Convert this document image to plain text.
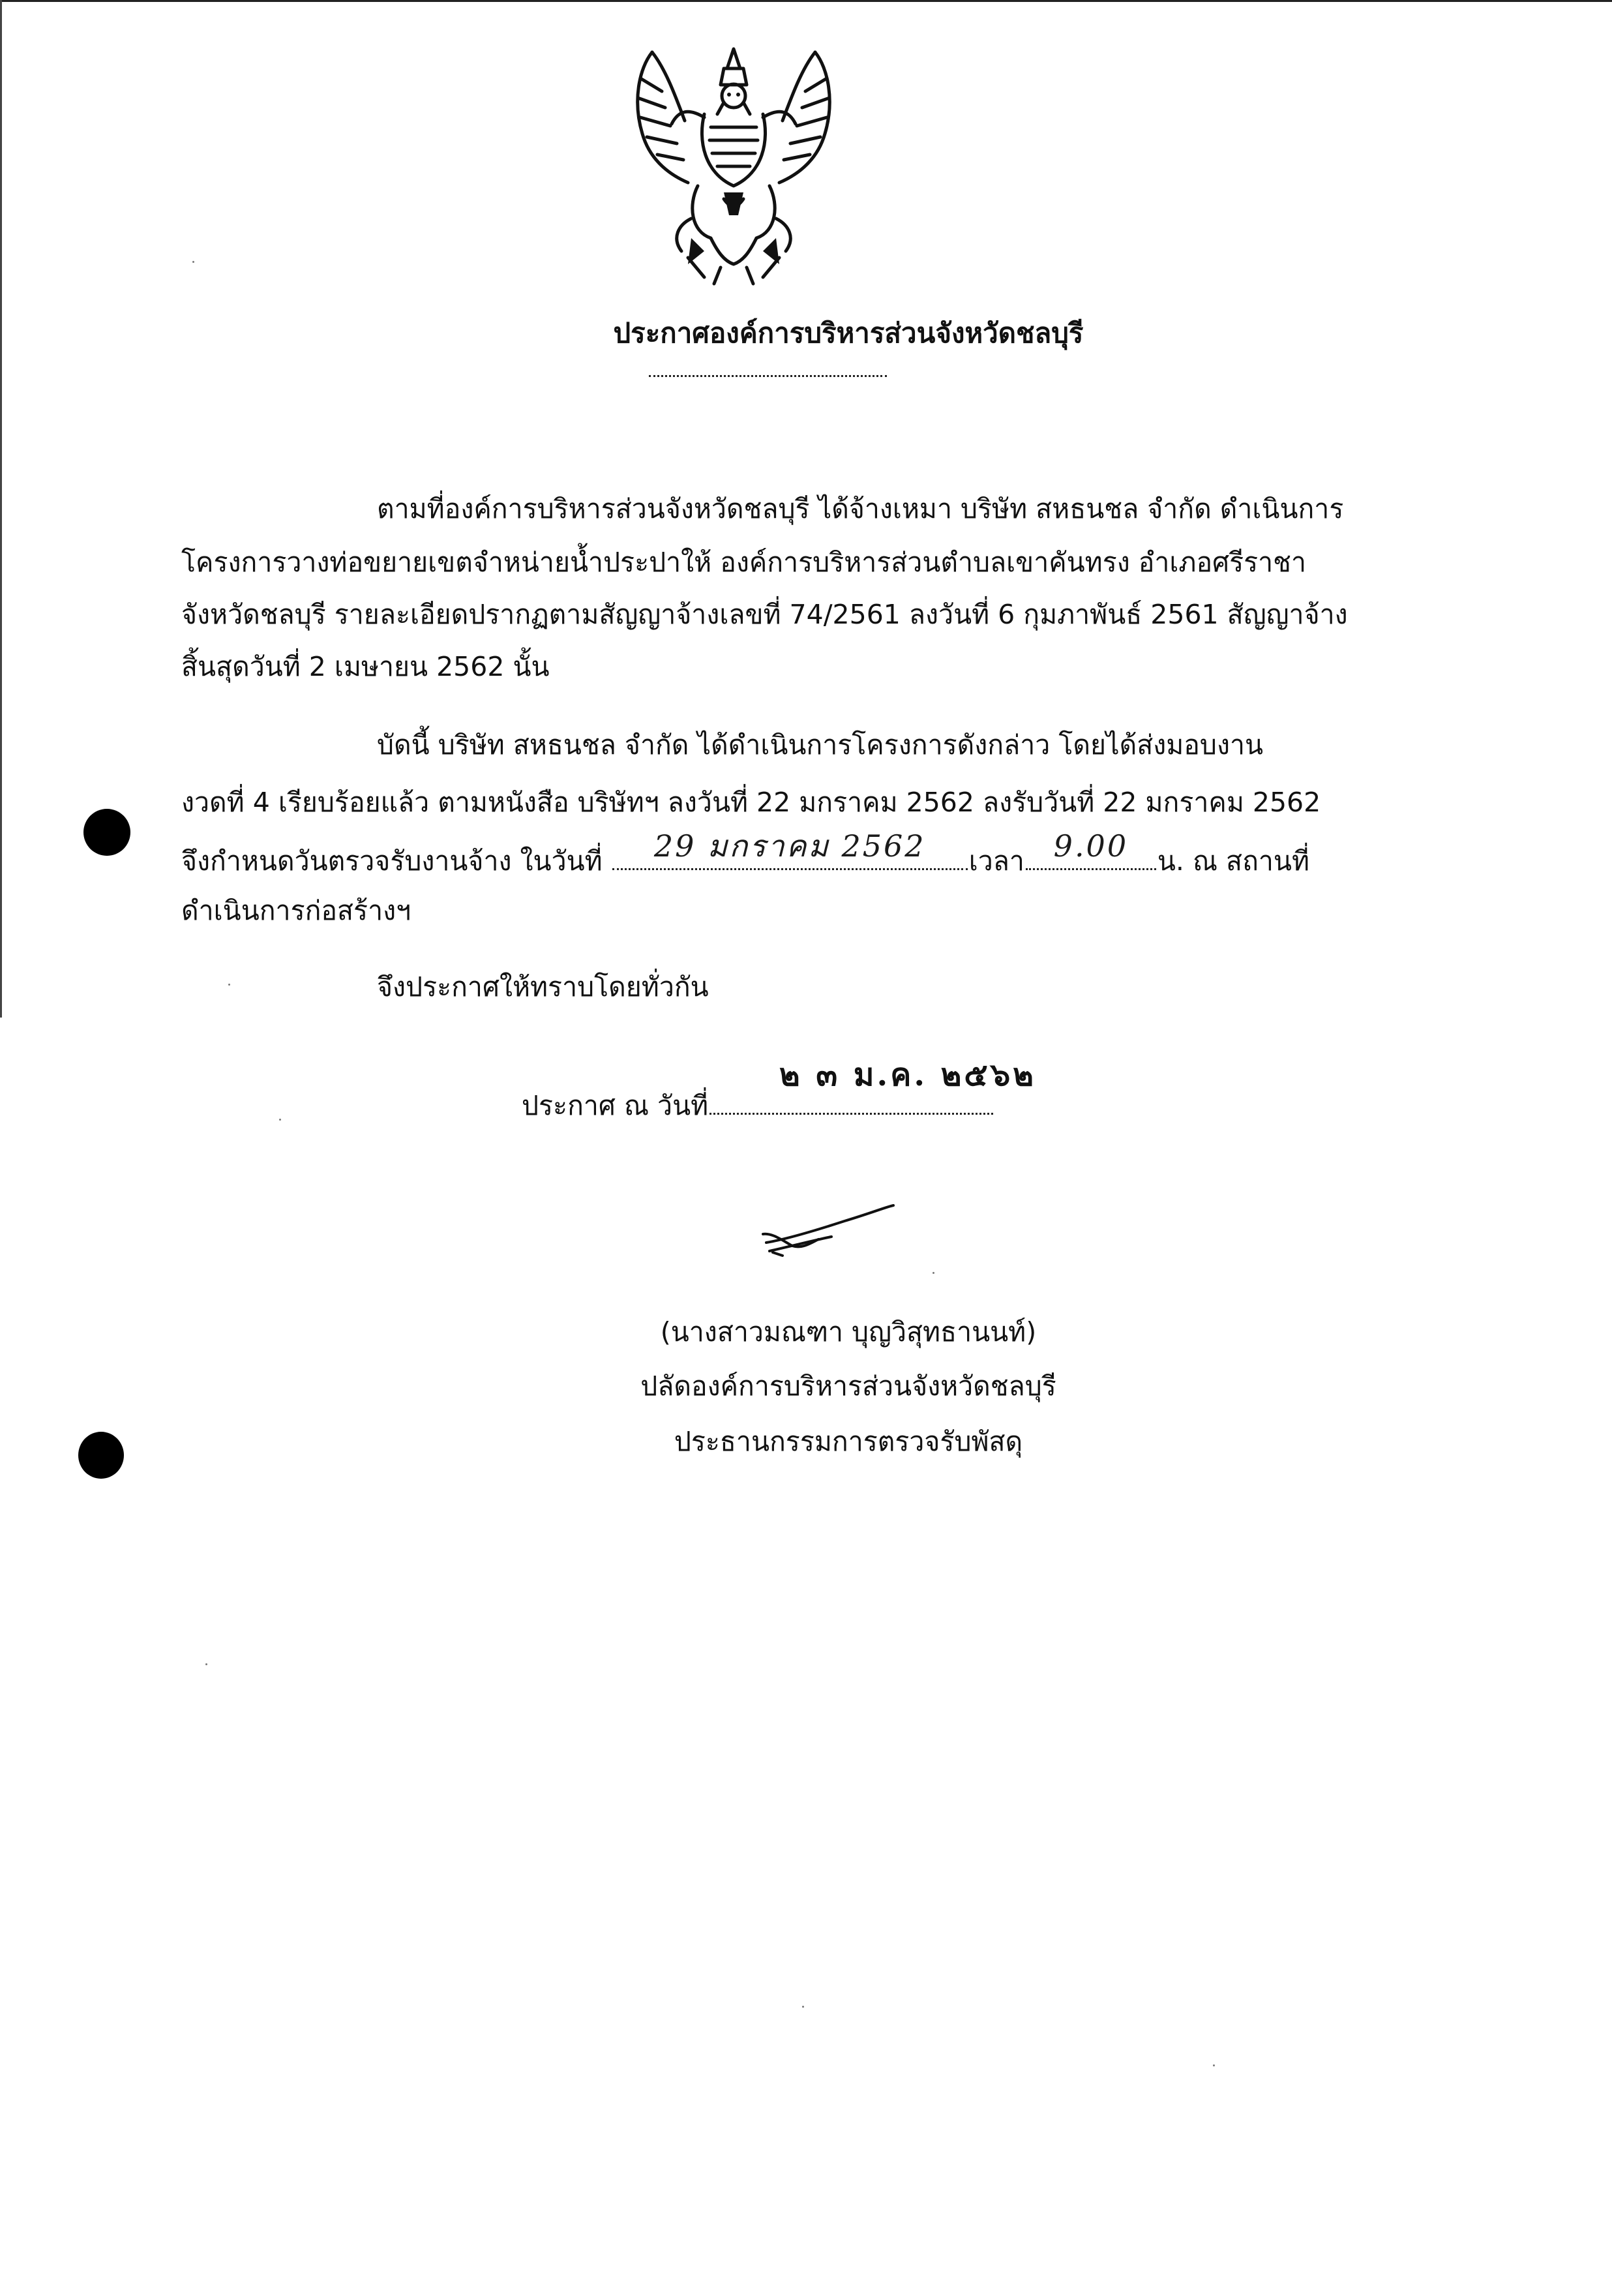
ประกาศองค์การบริหารส่วนจังหวัดชลบุรี
ตามที่องค์การบริหารส่วนจังหวัดชลบุรี ได้จ้างเหมา บริษัท สหธนชล จำกัด ดำเนินการ
โครงการวางท่อขยายเขตจำหน่ายน้ำประปาให้ องค์การบริหารส่วนตำบลเขาคันทรง อำเภอศรีราชา
จังหวัดชลบุรี รายละเอียดปรากฏตามสัญญาจ้างเลขที่ 74/2561 ลงวันที่ 6 กุมภาพันธ์ 2561 สัญญาจ้าง
สิ้นสุดวันที่ 2 เมษายน 2562 นั้น
บัดนี้ บริษัท สหธนชล จำกัด ได้ดำเนินการโครงการดังกล่าว โดยได้ส่งมอบงาน
งวดที่ 4 เรียบร้อยแล้ว ตามหนังสือ บริษัทฯ ลงวันที่ 22 มกราคม 2562 ลงรับวันที่ 22 มกราคม 2562
จึงกำหนดวันตรวจรับงานจ้าง ในวันที่	29 มกราคม 2562	เวลา 9.00	น. ณ สถานที่
ดำเนินการก่อสร้างฯ
จึงประกาศให้ทราบโดยทั่วกัน
ประกาศ ณ วันที่
๒ ๓ ม.ค. ๒๕๖๒
(นางสาวมณฑา บุญวิสุทธานนท์)
ปลัดองค์การบริหารส่วนจังหวัดชลบุรี
ประธานกรรมการตรวจรับพัสดุ
